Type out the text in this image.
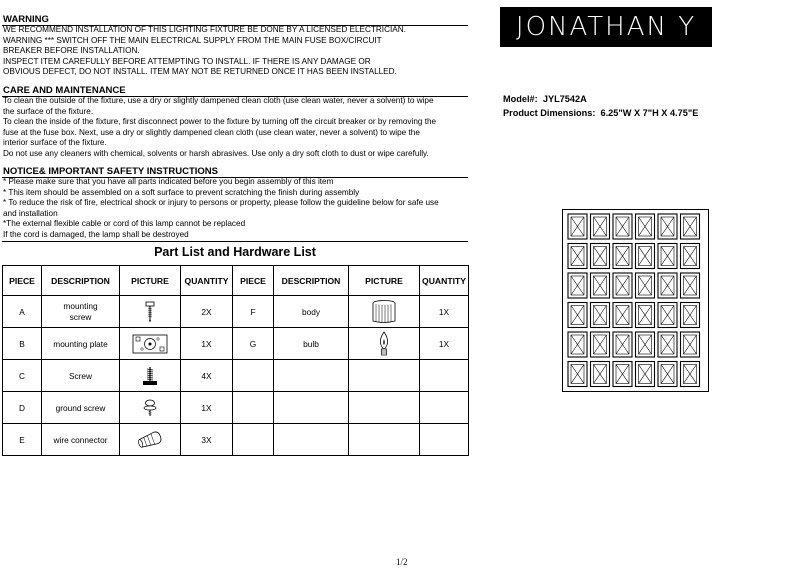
WARNING
WE RECOMMEND INSTALLATION OF THIS LIGHTING FIXTURE BE DONE BY A LICENSED ELECTRICIAN.
WARNING *** SWITCH OFF THE MAIN ELECTRICAL SUPPLY FROM THE MAIN FUSE BOX/CIRCUIT
BREAKER BEFORE INSTALLATION.
INSPECT ITEM CAREFULLY BEFORE ATTEMPTING TO INSTALL. IF THERE IS ANY DAMAGE OR
OBVIOUS DEFECT, DO NOT INSTALL. ITEM MAY NOT BE RETURNED ONCE IT HAS BEEN INSTALLED.
CARE AND MAINTENANCE
To clean the outside of the fixture, use a dry or slightly dampened clean cloth (use clean water, never a solvent) to wipe
the surface of the fixture.
To clean the inside of the fixture, first disconnect power to the fixture by turning off the circuit breaker or by removing the
fuse at the fuse box. Next, use a dry or slightly dampened clean cloth (use clean water, never a solvent) to wipe the
interior surface of the fixture.
Do not use any cleaners with chemical, solvents or harsh abrasives. Use only a dry soft cloth to dust or wipe carefully.
NOTICE& IMPORTANT SAFETY INSTRUCTIONS
* Please make sure that you have all parts indicated before you begin assembly of this item
* This item should be assembled on a soft surface to prevent scratching the finish during assembly
* To reduce the risk of fire, electrical shock or injury to persons or property, please follow the guideline below for safe use
and installation
*The external flexible cable or cord of this lamp cannot be replaced
If the cord is damaged, the lamp shall be destroyed
JONATHAN Y
Model#: JYL7542A
Product Dimensions: 6.25"W X 7"H X 4.75"E
Part List and Hardware List
PIECE	DESCRIPTION	PICTURE	QUANTITY	PIECE	DESCRIPTION	PICTURE	QUANTITY
A	mounting screw		2X	F	body		1X
B	mounting plate		1X	G	bulb		1X
C	Screw		4X				
D	ground screw		1X				
E	wire connector		3X				
1/2
